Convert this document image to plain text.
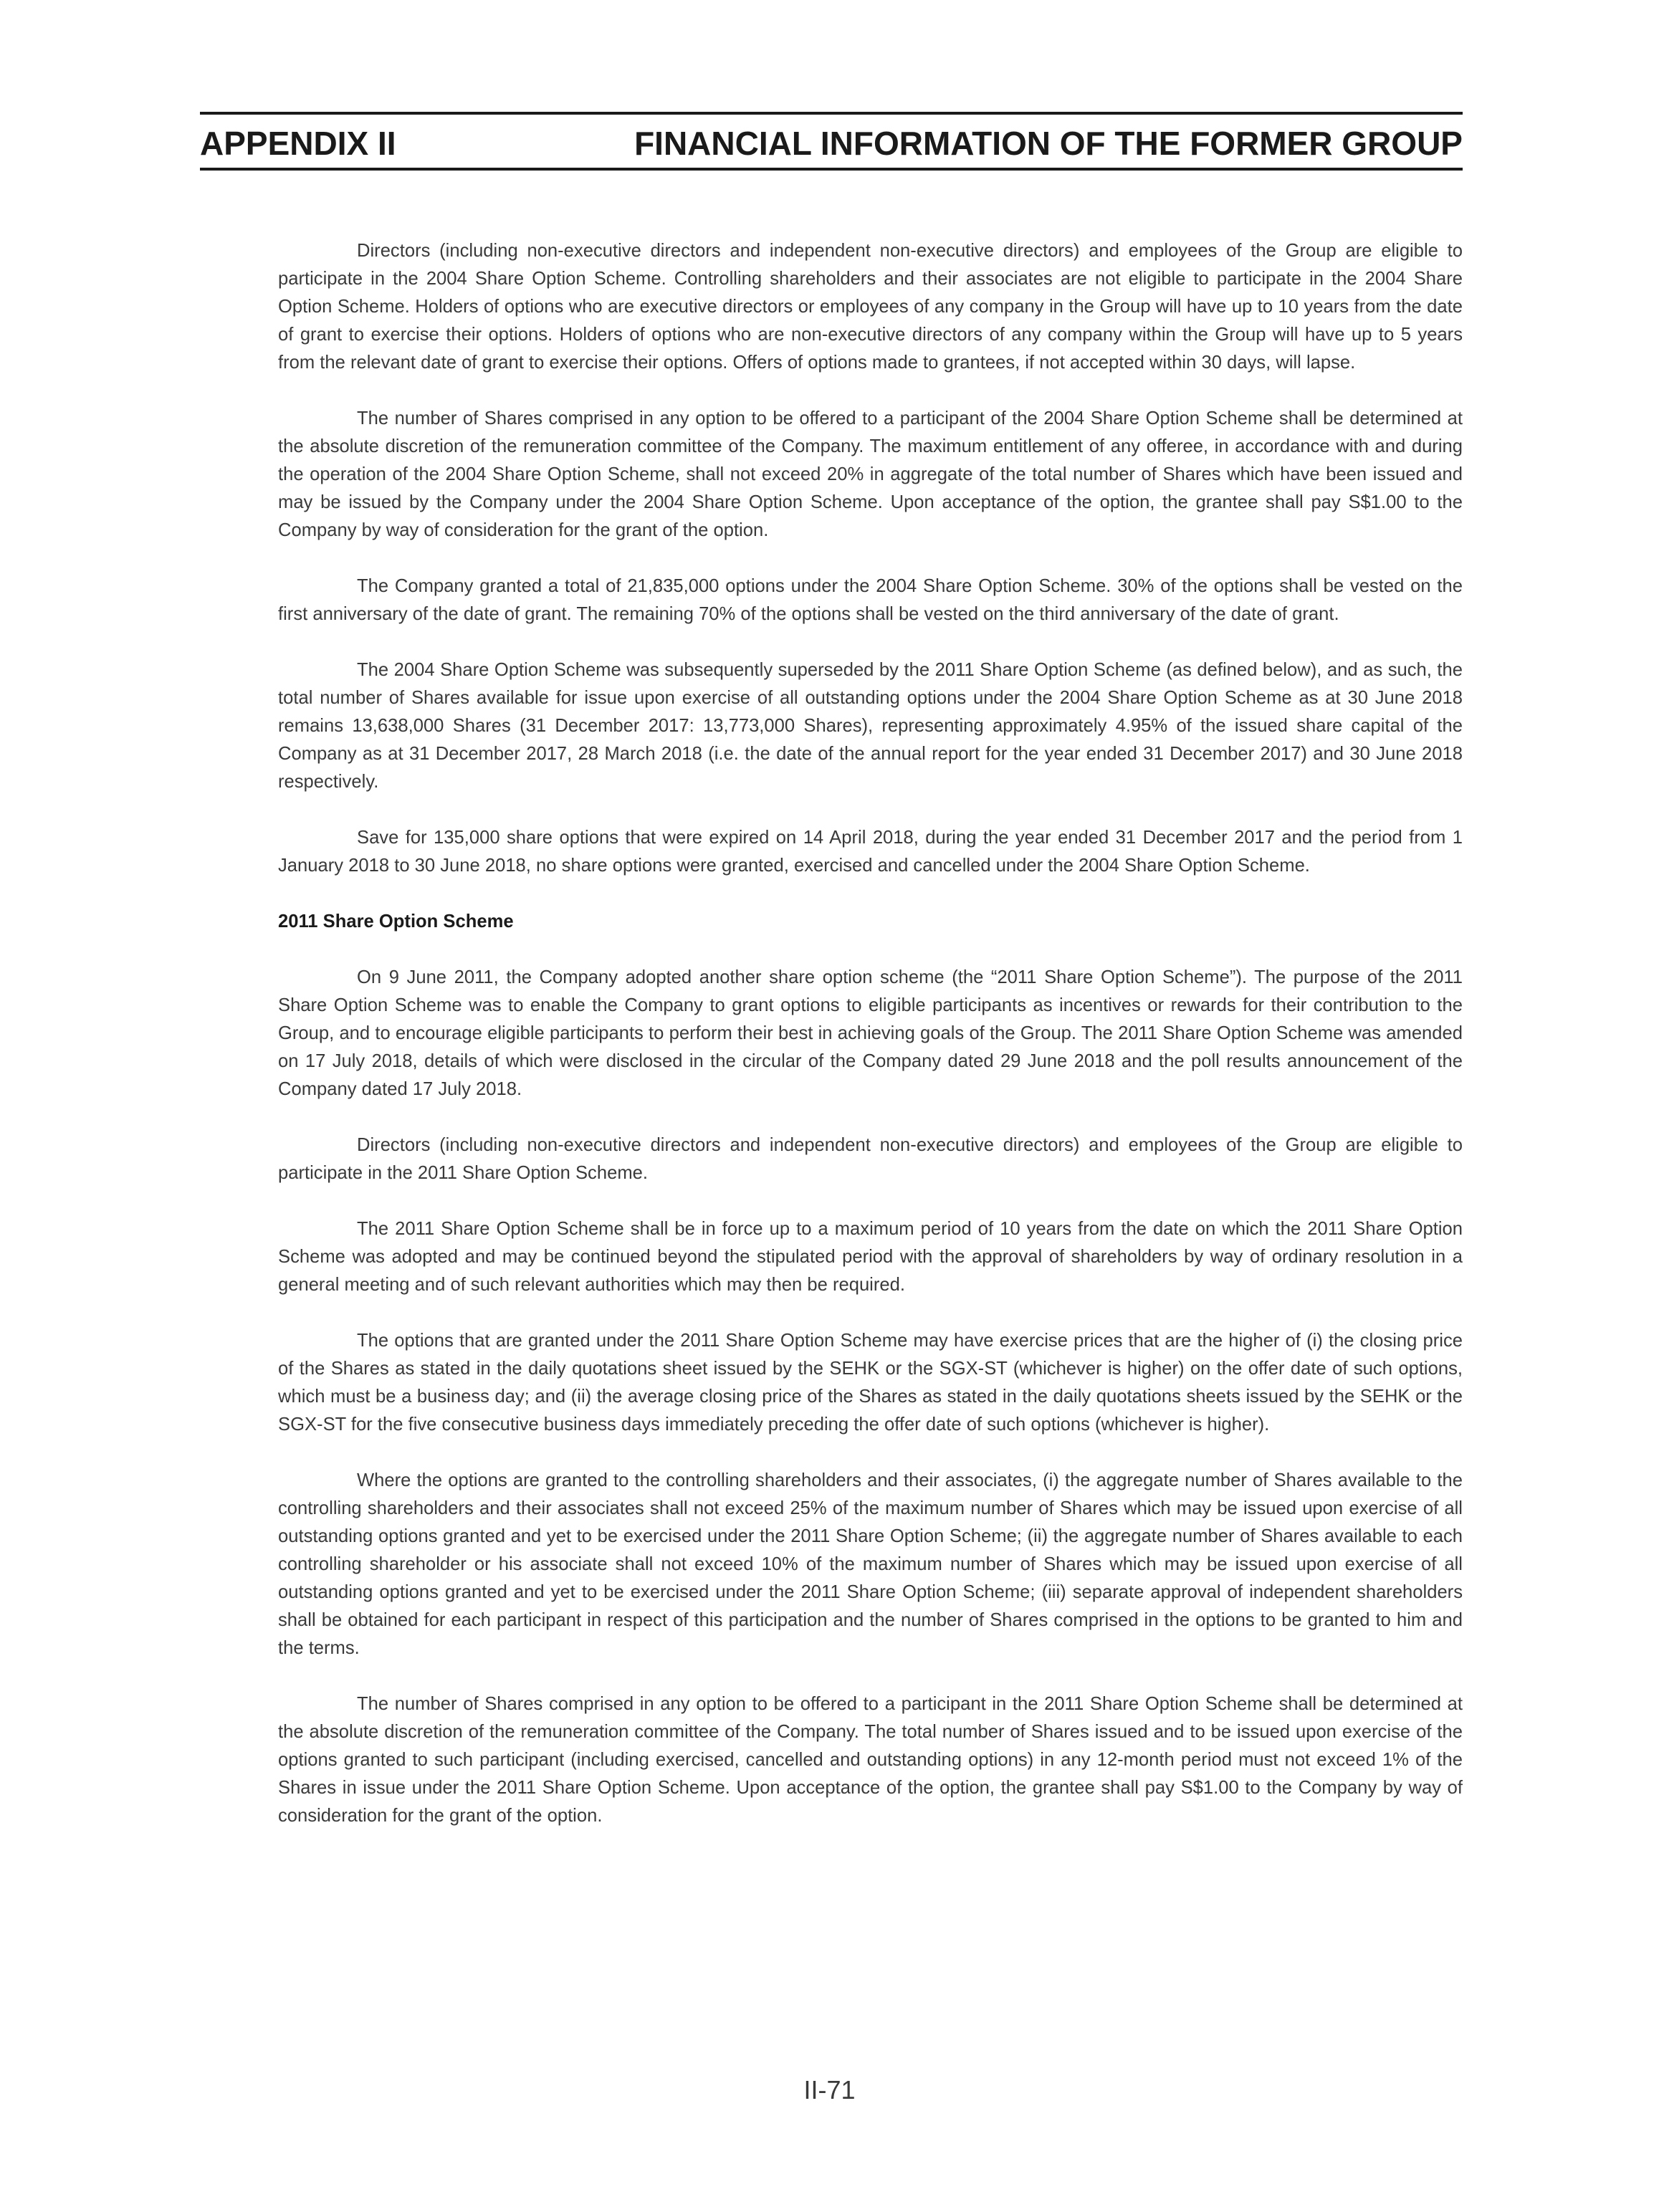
APPENDIX II	FINANCIAL INFORMATION OF THE FORMER GROUP

Directors (including non-executive directors and independent non-executive directors) and employees of the Group are eligible to participate in the 2004 Share Option Scheme. Controlling shareholders and their associates are not eligible to participate in the 2004 Share Option Scheme. Holders of options who are executive directors or employees of any company in the Group will have up to 10 years from the date of grant to exercise their options. Holders of options who are non-executive directors of any company within the Group will have up to 5 years from the relevant date of grant to exercise their options. Offers of options made to grantees, if not accepted within 30 days, will lapse.

The number of Shares comprised in any option to be offered to a participant of the 2004 Share Option Scheme shall be determined at the absolute discretion of the remuneration committee of the Company. The maximum entitlement of any offeree, in accordance with and during the operation of the 2004 Share Option Scheme, shall not exceed 20% in aggregate of the total number of Shares which have been issued and may be issued by the Company under the 2004 Share Option Scheme. Upon acceptance of the option, the grantee shall pay S$1.00 to the Company by way of consideration for the grant of the option.

The Company granted a total of 21,835,000 options under the 2004 Share Option Scheme. 30% of the options shall be vested on the first anniversary of the date of grant. The remaining 70% of the options shall be vested on the third anniversary of the date of grant.

The 2004 Share Option Scheme was subsequently superseded by the 2011 Share Option Scheme (as defined below), and as such, the total number of Shares available for issue upon exercise of all outstanding options under the 2004 Share Option Scheme as at 30 June 2018 remains 13,638,000 Shares (31 December 2017: 13,773,000 Shares), representing approximately 4.95% of the issued share capital of the Company as at 31 December 2017, 28 March 2018 (i.e. the date of the annual report for the year ended 31 December 2017) and 30 June 2018 respectively.

Save for 135,000 share options that were expired on 14 April 2018, during the year ended 31 December 2017 and the period from 1 January 2018 to 30 June 2018, no share options were granted, exercised and cancelled under the 2004 Share Option Scheme.

2011 Share Option Scheme

On 9 June 2011, the Company adopted another share option scheme (the “2011 Share Option Scheme”). The purpose of the 2011 Share Option Scheme was to enable the Company to grant options to eligible participants as incentives or rewards for their contribution to the Group, and to encourage eligible participants to perform their best in achieving goals of the Group. The 2011 Share Option Scheme was amended on 17 July 2018, details of which were disclosed in the circular of the Company dated 29 June 2018 and the poll results announcement of the Company dated 17 July 2018.

Directors (including non-executive directors and independent non-executive directors) and employees of the Group are eligible to participate in the 2011 Share Option Scheme.

The 2011 Share Option Scheme shall be in force up to a maximum period of 10 years from the date on which the 2011 Share Option Scheme was adopted and may be continued beyond the stipulated period with the approval of shareholders by way of ordinary resolution in a general meeting and of such relevant authorities which may then be required.

The options that are granted under the 2011 Share Option Scheme may have exercise prices that are the higher of (i) the closing price of the Shares as stated in the daily quotations sheet issued by the SEHK or the SGX-ST (whichever is higher) on the offer date of such options, which must be a business day; and (ii) the average closing price of the Shares as stated in the daily quotations sheets issued by the SEHK or the SGX-ST for the five consecutive business days immediately preceding the offer date of such options (whichever is higher).

Where the options are granted to the controlling shareholders and their associates, (i) the aggregate number of Shares available to the controlling shareholders and their associates shall not exceed 25% of the maximum number of Shares which may be issued upon exercise of all outstanding options granted and yet to be exercised under the 2011 Share Option Scheme; (ii) the aggregate number of Shares available to each controlling shareholder or his associate shall not exceed 10% of the maximum number of Shares which may be issued upon exercise of all outstanding options granted and yet to be exercised under the 2011 Share Option Scheme; (iii) separate approval of independent shareholders shall be obtained for each participant in respect of this participation and the number of Shares comprised in the options to be granted to him and the terms.

The number of Shares comprised in any option to be offered to a participant in the 2011 Share Option Scheme shall be determined at the absolute discretion of the remuneration committee of the Company. The total number of Shares issued and to be issued upon exercise of the options granted to such participant (including exercised, cancelled and outstanding options) in any 12-month period must not exceed 1% of the Shares in issue under the 2011 Share Option Scheme. Upon acceptance of the option, the grantee shall pay S$1.00 to the Company by way of consideration for the grant of the option.

II-71
